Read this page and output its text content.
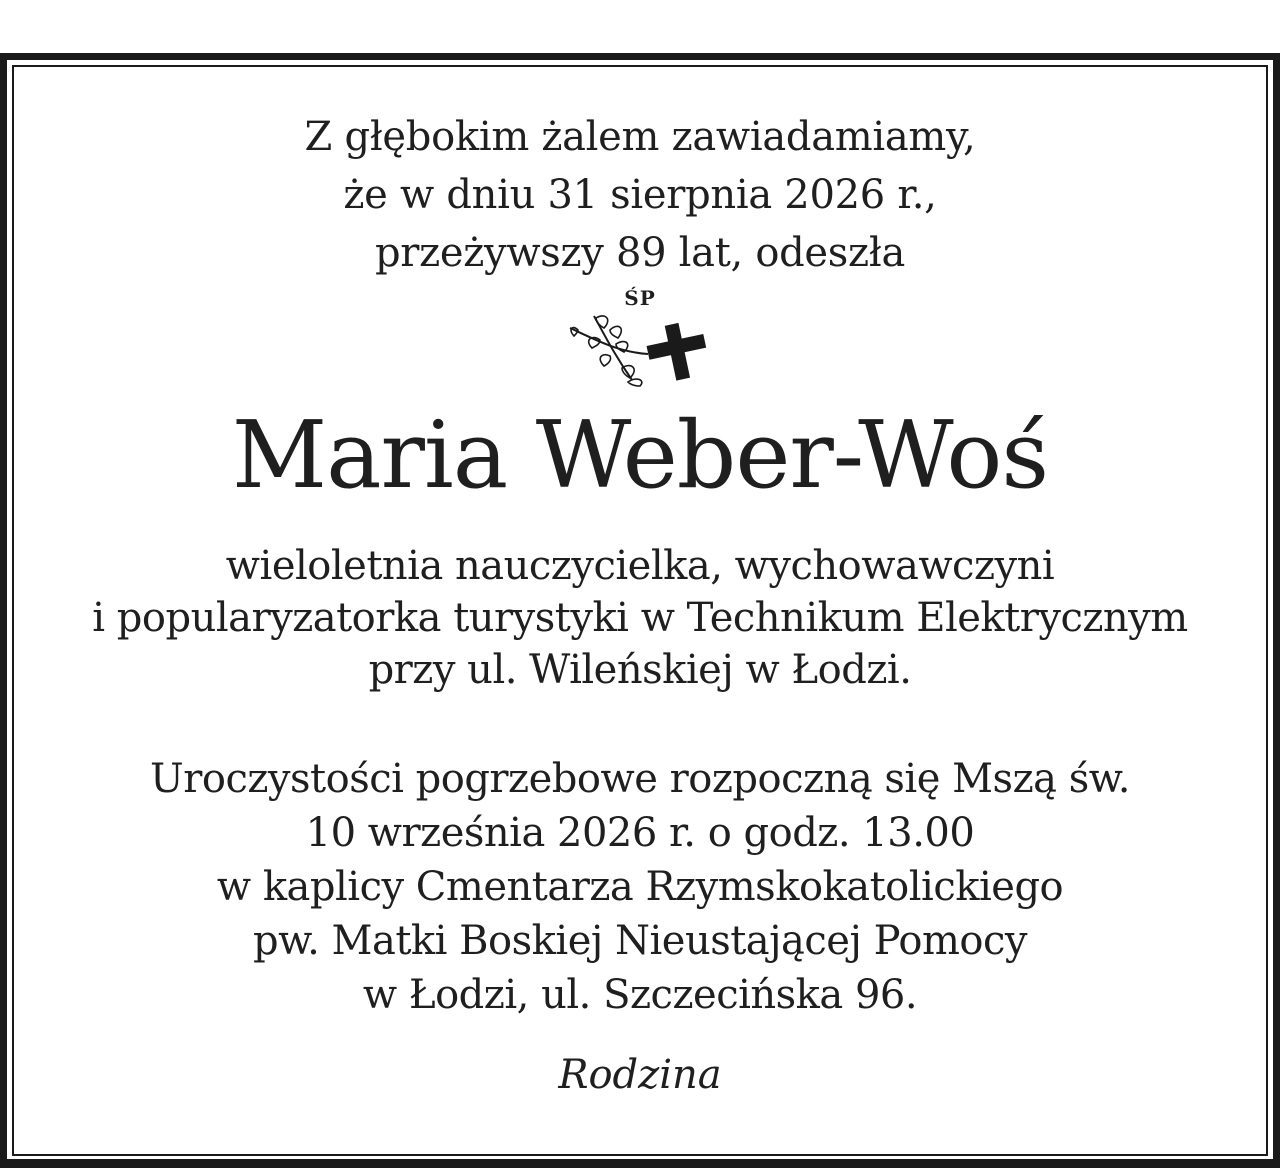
Z głębokim żalem zawiadamiamy,
że w dniu 31 sierpnia 2026 r.,
przeżywszy 89 lat, odeszła
ŚP
Maria Weber-Woś
wieloletnia nauczycielka, wychowawczyni
i popularyzatorka turystyki w Technikum Elektrycznym
przy ul. Wileńskiej w Łodzi.
Uroczystości pogrzebowe rozpoczną się Mszą św.
10 września 2026 r. o godz. 13.00
w kaplicy Cmentarza Rzymskokatolickiego
pw. Matki Boskiej Nieustającej Pomocy
w Łodzi, ul. Szczecińska 96.
Rodzina
